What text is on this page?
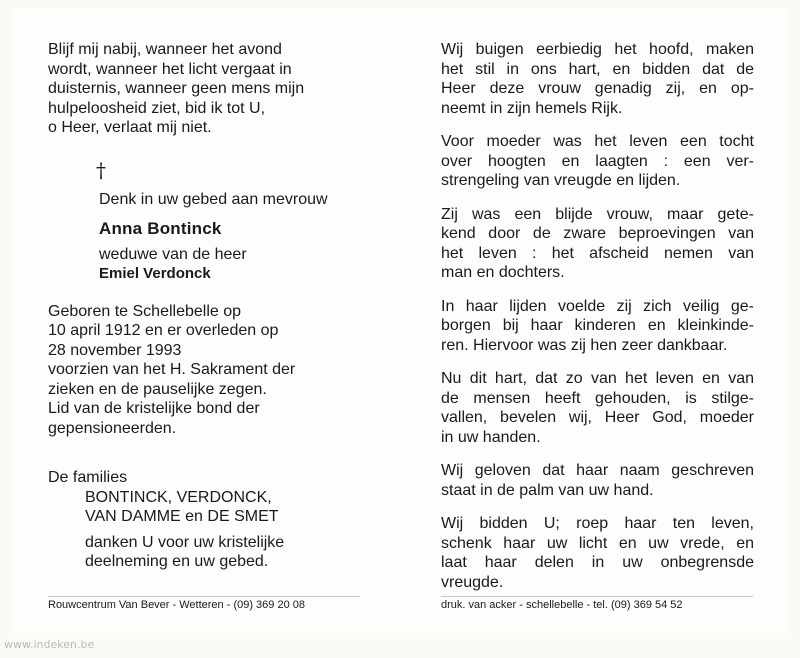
Blijf mij nabij, wanneer het avond
wordt, wanneer het licht vergaat in
duisternis, wanneer geen mens mijn
hulpeloosheid ziet, bid ik tot U,
o Heer, verlaat mij niet.
†
Denk in uw gebed aan mevrouw
Anna Bontinck
weduwe van de heer
Emiel Verdonck
Geboren te Schellebelle op
10 april 1912 en er overleden op
28 november 1993
voorzien van het H. Sakrament der
zieken en de pauselijke zegen.
Lid van de kristelijke bond der
gepensioneerden.
De families
BONTINCK, VERDONCK,
VAN DAMME en DE SMET
danken U voor uw kristelijke
deelneming en uw gebed.
Wij buigen eerbiedig het hoofd, maken
het stil in ons hart, en bidden dat de
Heer deze vrouw genadig zij, en op-
neemt in zijn hemels Rijk.
Voor moeder was het leven een tocht
over hoogten en laagten : een ver-
strengeling van vreugde en lijden.
Zij was een blijde vrouw, maar gete-
kend door de zware beproevingen van
het leven : het afscheid nemen van
man en dochters.
In haar lijden voelde zij zich veilig ge-
borgen bij haar kinderen en kleinkinde-
ren. Hiervoor was zij hen zeer dankbaar.
Nu dit hart, dat zo van het leven en van
de mensen heeft gehouden, is stilge-
vallen, bevelen wij, Heer God, moeder
in uw handen.
Wij geloven dat haar naam geschreven
staat in de palm van uw hand.
Wij bidden U; roep haar ten leven,
schenk haar uw licht en uw vrede, en
laat haar delen in uw onbegrensde
vreugde.
Rouwcentrum Van Bever - Wetteren - (09) 369 20 08	druk. van acker - schellebelle - tel. (09) 369 54 52
www.indeken.be
